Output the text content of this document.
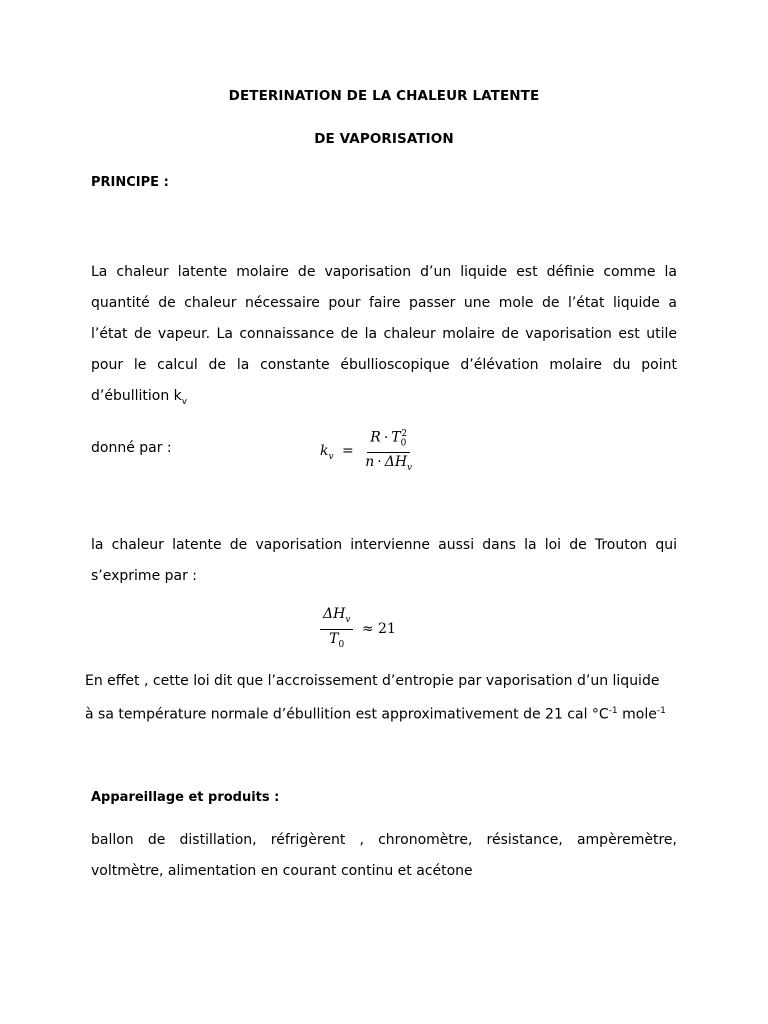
DETERINATION DE LA CHALEUR LATENTE
DE VAPORISATION
PRINCIPE :
La chaleur latente molaire de vaporisation d’un liquide est définie comme la
quantité de chaleur nécessaire pour faire passer une mole de l’état liquide a
l’état de vapeur. La connaissance de la chaleur molaire de vaporisation est utile
pour le calcul de la constante ébullioscopique d’élévation molaire du point
d’ébullition $k_v$
donné par :	$k_v = \frac{R \cdot T_0^2}{n \cdot \Delta H_v}$
la chaleur latente de vaporisation intervienne aussi dans la loi de Trouton qui
s’exprime par :
$\frac{\Delta H_v}{T_0} \approx 21$
En effet , cette loi dit que l’accroissement d’entropie par vaporisation d’un liquide
à sa température normale d’ébullition est approximativement de 21 cal $^\circ C^{-1}$ mole$^{-1}$
Appareillage et produits :
ballon de distillation, réfrigèrent , chronomètre, résistance, ampèremètre,
voltmètre, alimentation en courant continu et acétone
